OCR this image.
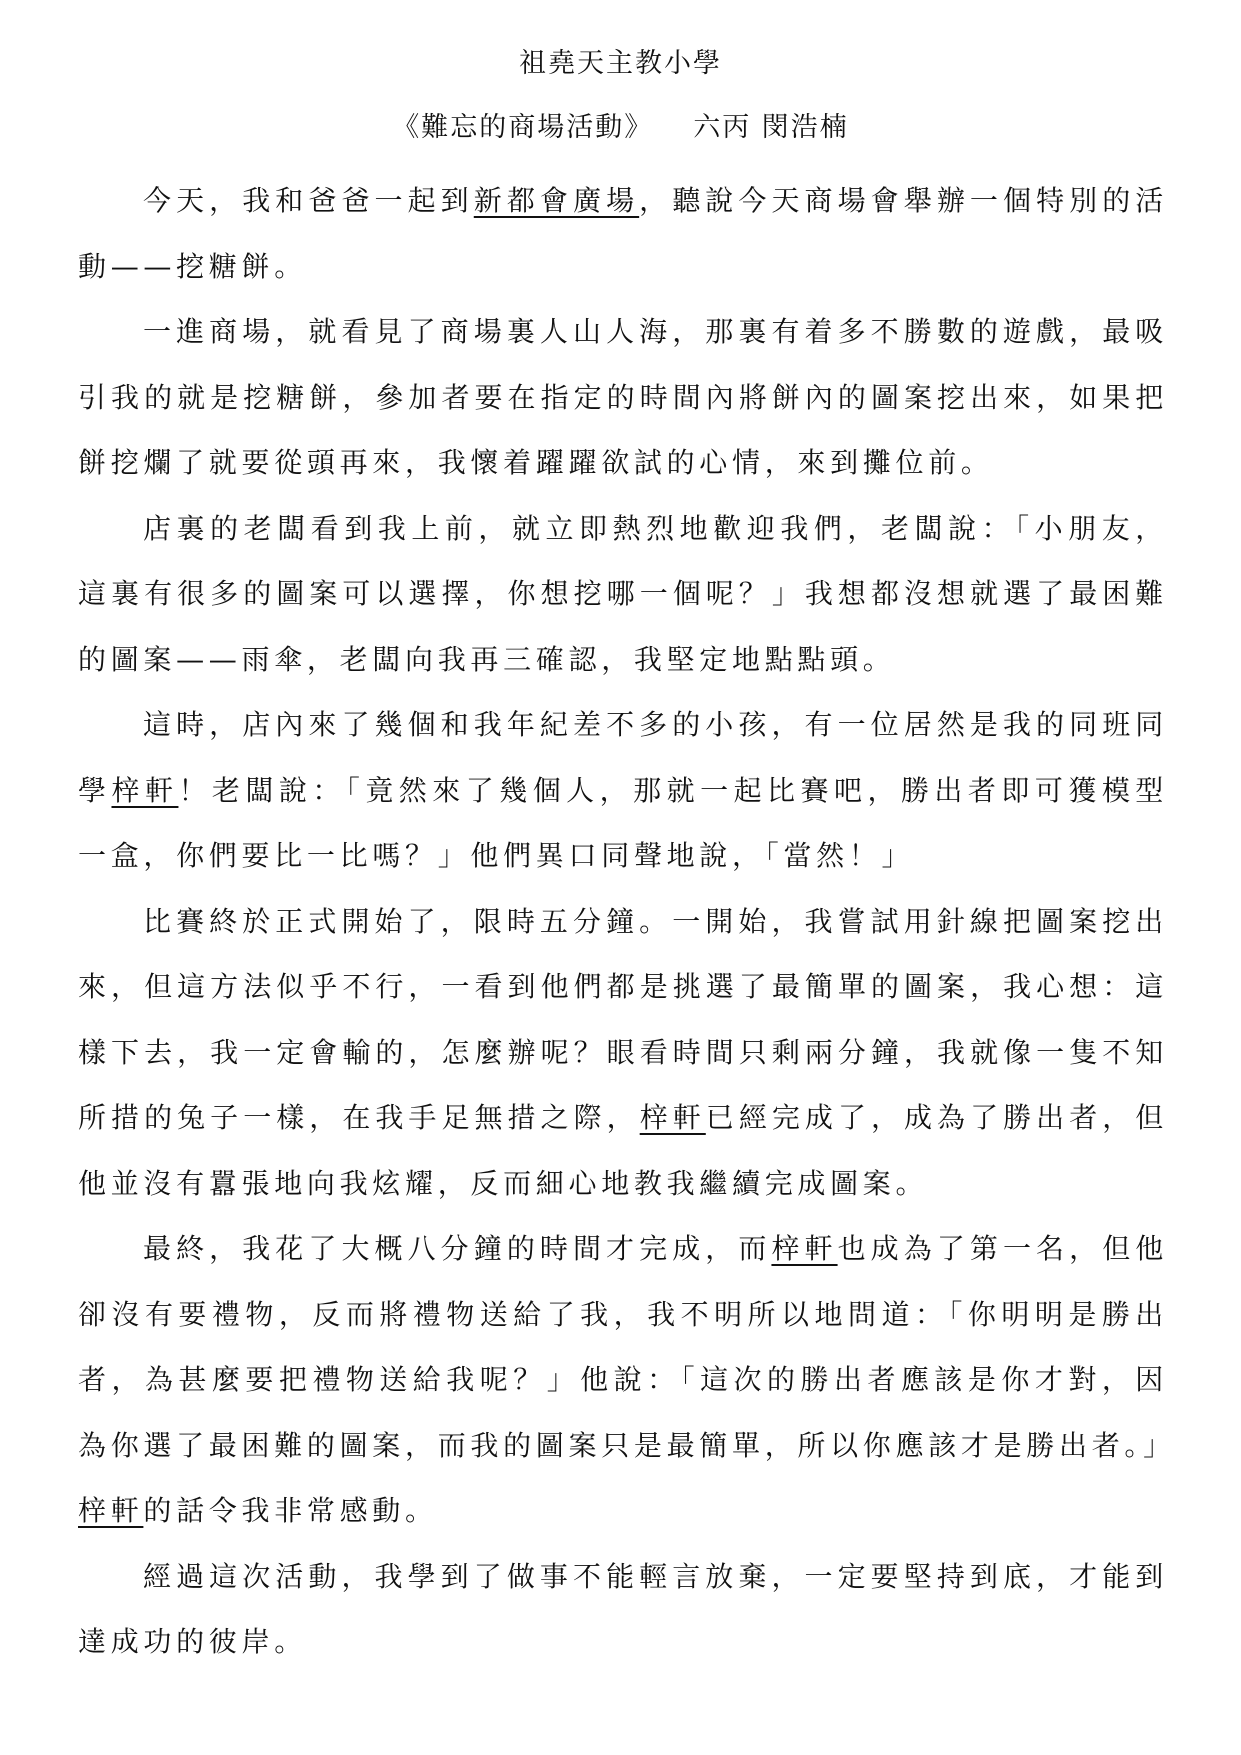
祖堯天主教小學
《難忘的商場活動》 六丙 閔浩楠

今天，我和爸爸一起到新都會廣場，聽說今天商場會舉辦一個特別的活動——挖糖餅。

一進商場，就看見了商場裏人山人海，那裏有着多不勝數的遊戲，最吸引我的就是挖糖餅，參加者要在指定的時間內將餅內的圖案挖出來，如果把餅挖爛了就要從頭再來，我懷着躍躍欲試的心情，來到攤位前。

店裏的老闆看到我上前，就立即熱烈地歡迎我們，老闆說：「小朋友，這裏有很多的圖案可以選擇，你想挖哪一個呢？」我想都沒想就選了最困難的圖案——雨傘，老闆向我再三確認，我堅定地點點頭。

這時，店內來了幾個和我年紀差不多的小孩，有一位居然是我的同班同學梓軒！老闆說：「竟然來了幾個人，那就一起比賽吧，勝出者即可獲模型一盒，你們要比一比嗎？」他們異口同聲地說，「當然！」

比賽終於正式開始了，限時五分鐘。一開始，我嘗試用針線把圖案挖出來，但這方法似乎不行，一看到他們都是挑選了最簡單的圖案，我心想：這樣下去，我一定會輸的，怎麼辦呢？眼看時間只剩兩分鐘，我就像一隻不知所措的兔子一樣，在我手足無措之際，梓軒已經完成了，成為了勝出者，但他並沒有囂張地向我炫耀，反而細心地教我繼續完成圖案。

最終，我花了大概八分鐘的時間才完成，而梓軒也成為了第一名，但他卻沒有要禮物，反而將禮物送給了我，我不明所以地問道：「你明明是勝出者，為甚麼要把禮物送給我呢？」他說：「這次的勝出者應該是你才對，因為你選了最困難的圖案，而我的圖案只是最簡單，所以你應該才是勝出者。」梓軒的話令我非常感動。

經過這次活動，我學到了做事不能輕言放棄，一定要堅持到底，才能到達成功的彼岸。
